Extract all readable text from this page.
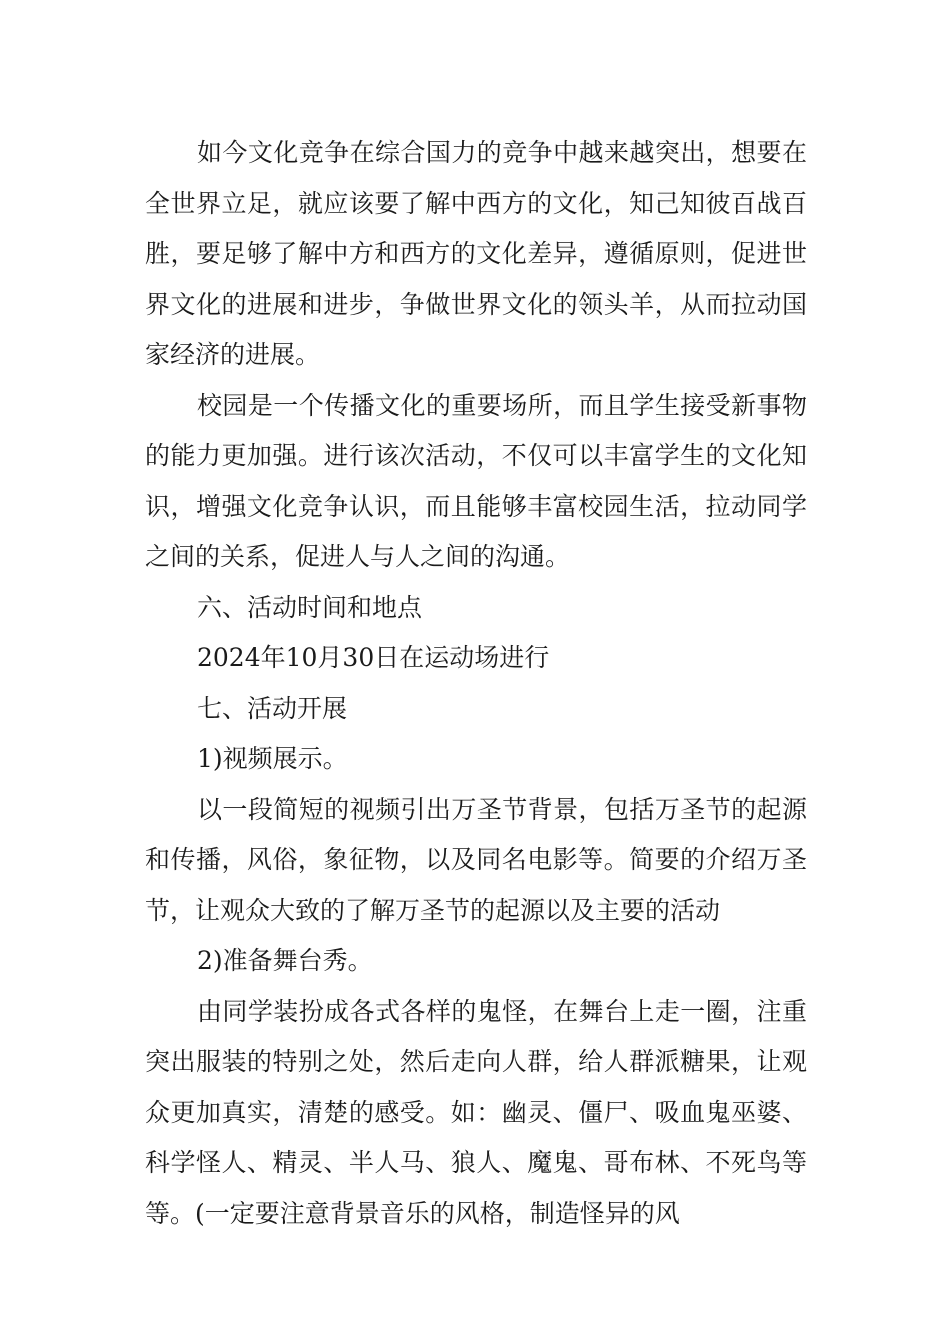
如今文化竞争在综合国力的竞争中越来越突出，想要在全世界立足，就应该要了解中西方的文化，知己知彼百战百胜，要足够了解中方和西方的文化差异，遵循原则，促进世界文化的进展和进步，争做世界文化的领头羊，从而拉动国家经济的进展。

校园是一个传播文化的重要场所，而且学生接受新事物的能力更加强。进行该次活动，不仅可以丰富学生的文化知识，增强文化竞争认识，而且能够丰富校园生活，拉动同学之间的关系，促进人与人之间的沟通。

六、活动时间和地点

2024年10月30日在运动场进行

七、活动开展

1)视频展示。

以一段简短的视频引出万圣节背景，包括万圣节的起源和传播，风俗，象征物，以及同名电影等。简要的介绍万圣节，让观众大致的了解万圣节的起源以及主要的活动

2)准备舞台秀。

由同学装扮成各式各样的鬼怪，在舞台上走一圈，注重突出服装的特别之处，然后走向人群，给人群派糖果，让观众更加真实，清楚的感受。如：幽灵、僵尸、吸血鬼巫婆、科学怪人、精灵、半人马、狼人、魔鬼、哥布林、不死鸟等等。(一定要注意背景音乐的风格，制造怪异的风
